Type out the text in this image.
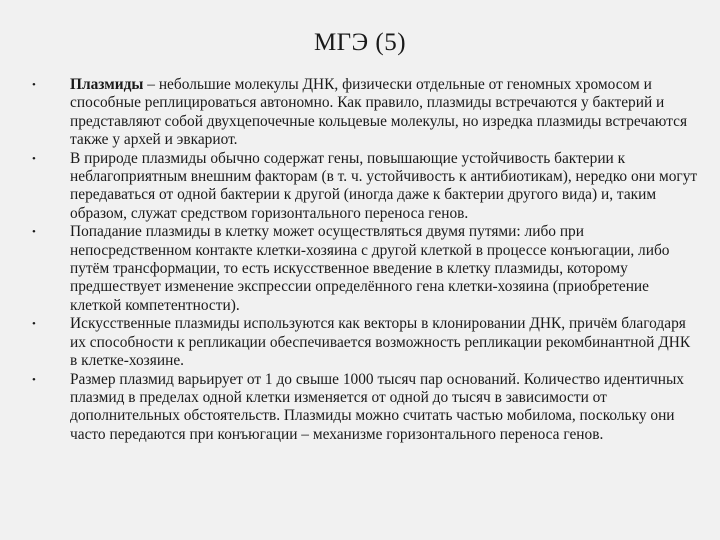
МГЭ (5)
• Плазмиды – небольшие молекулы ДНК, физически отдельные от геномных хромосом и способные реплицироваться автономно. Как правило, плазмиды встречаются у бактерий и представляют собой двухцепочечные кольцевые молекулы, но изредка плазмиды встречаются также у архей и эвкариот.
• В природе плазмиды обычно содержат гены, повышающие устойчивость бактерии к неблагоприятным внешним факторам (в т. ч. устойчивость к антибиотикам), нередко они могут передаваться от одной бактерии к другой (иногда даже к бактерии другого вида) и, таким образом, служат средством горизонтального переноса генов.
• Попадание плазмиды в клетку может осуществляться двумя путями: либо при непосредственном контакте клетки-хозяина с другой клеткой в процессе конъюгации, либо путём трансформации, то есть искусственное введение в клетку плазмиды, которому предшествует изменение экспрессии определённого гена клетки-хозяина (приобретение клеткой компетентности).
• Искусственные плазмиды используются как векторы в клонировании ДНК, причём благодаря их способности к репликации обеспечивается возможность репликации рекомбинантной ДНК в клетке-хозяине.
• Размер плазмид варьирует от 1 до свыше 1000 тысяч пар оснований. Количество идентичных плазмид в пределах одной клетки изменяется от одной до тысяч в зависимости от дополнительных обстоятельств. Плазмиды можно считать частью мобилома, поскольку они часто передаются при конъюгации – механизме горизонтального переноса генов.
